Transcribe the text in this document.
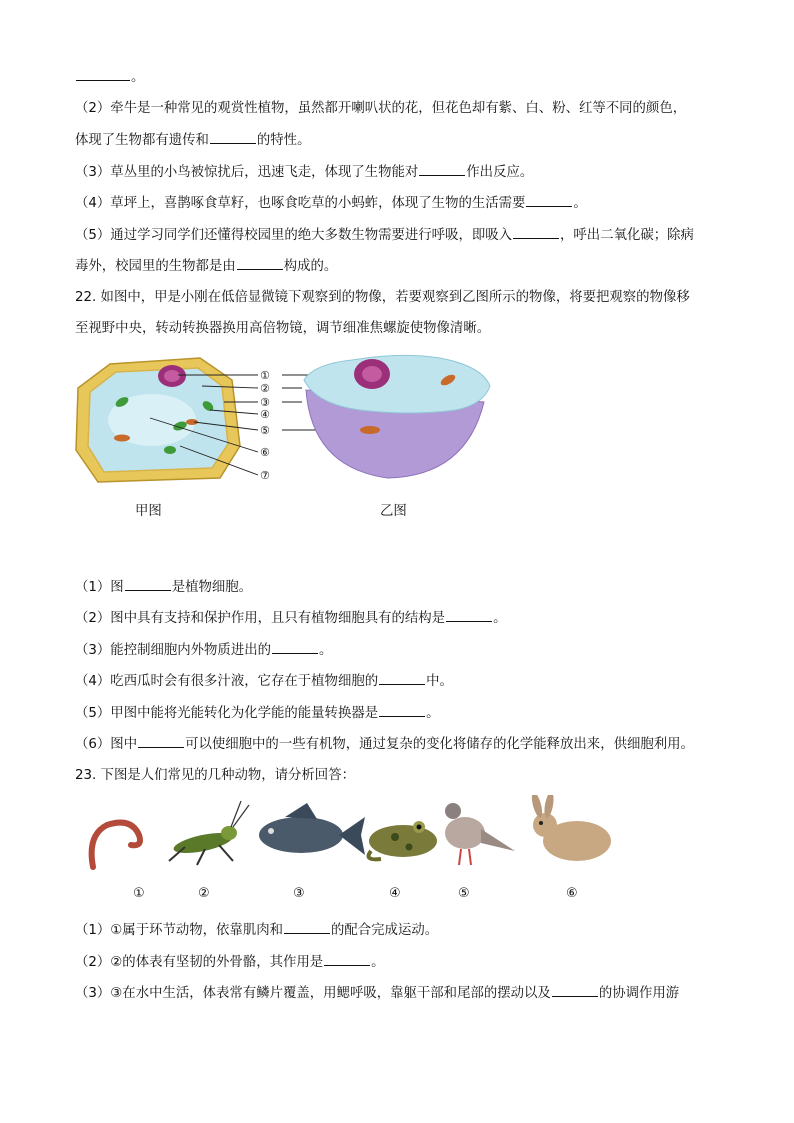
。
（2）牵牛是一种常见的观赏性植物，虽然都开喇叭状的花，但花色却有紫、白、粉、红等不同的颜色，
体现了生物都有遗传和	的特性。
（3）草丛里的小鸟被惊扰后，迅速飞走，体现了生物能对	作出反应。
（4）草坪上，喜鹊啄食草籽，也啄食吃草的小蚂蚱，体现了生物的生活需要	。
（5）通过学习同学们还懂得校园里的绝大多数生物需要进行呼吸，即吸入	，呼出二氧化碳；除病
毒外，校园里的生物都是由	构成的。
22. 如图中，甲是小刚在低倍显微镜下观察到的物像，若要观察到乙图所示的物像，将要把观察的物像移
至视野中央，转动转换器换用高倍物镜，调节细准焦螺旋使物像清晰。
①
②
③
④
⑤
⑥
⑦
甲图	乙图
（1）图	是植物细胞。
（2）图中具有支持和保护作用，且只有植物细胞具有的结构是	。
（3）能控制细胞内外物质进出的	。
（4）吃西瓜时会有很多汁液，它存在于植物细胞的	中。
（5）甲图中能将光能转化为化学能的能量转换器是	。
（6）图中	可以使细胞中的一些有机物，通过复杂的变化将储存的化学能释放出来，供细胞利用。
23. 下图是人们常见的几种动物，请分析回答：
①	②	③	④	⑤	⑥
（1）①属于环节动物，依靠肌肉和	的配合完成运动。
（2）②的体表有坚韧的外骨骼，其作用是	。
（3）③在水中生活，体表常有鳞片覆盖，用鳃呼吸，靠躯干部和尾部的摆动以及	的协调作用游
